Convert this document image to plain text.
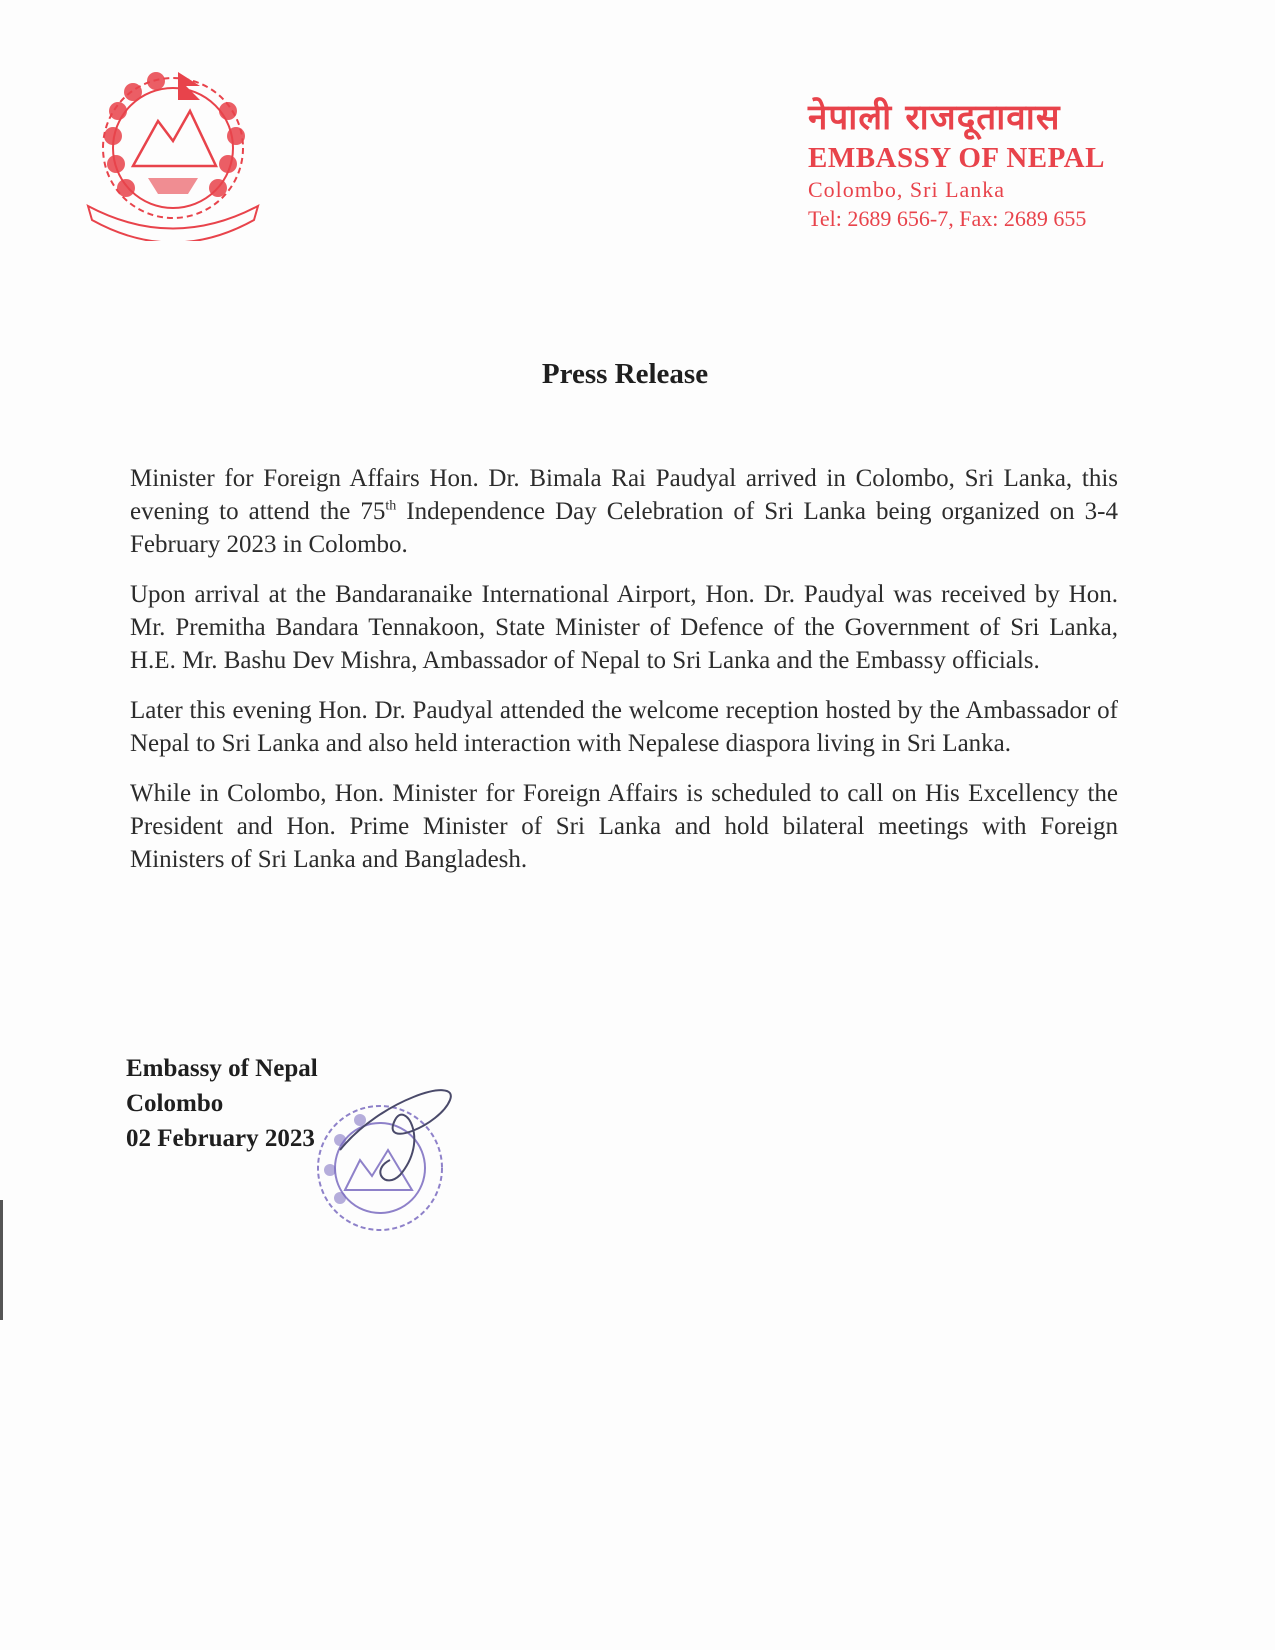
नेपाली राजदूतावास
EMBASSY OF NEPAL
Colombo, Sri Lanka
Tel: 2689 656-7, Fax: 2689 655
Press Release

Minister for Foreign Affairs Hon. Dr. Bimala Rai Paudyal arrived in Colombo, Sri Lanka, this evening to attend the 75th Independence Day Celebration of Sri Lanka being organized on 3-4 February 2023 in Colombo.

Upon arrival at the Bandaranaike International Airport, Hon. Dr. Paudyal was received by Hon. Mr. Premitha Bandara Tennakoon, State Minister of Defence of the Government of Sri Lanka, H.E. Mr. Bashu Dev Mishra, Ambassador of Nepal to Sri Lanka and the Embassy officials.

Later this evening Hon. Dr. Paudyal attended the welcome reception hosted by the Ambassador of Nepal to Sri Lanka and also held interaction with Nepalese diaspora living in Sri Lanka.

While in Colombo, Hon. Minister for Foreign Affairs is scheduled to call on His Excellency the President and Hon. Prime Minister of Sri Lanka and hold bilateral meetings with Foreign Ministers of Sri Lanka and Bangladesh.

Embassy of Nepal
Colombo
02 February 2023
